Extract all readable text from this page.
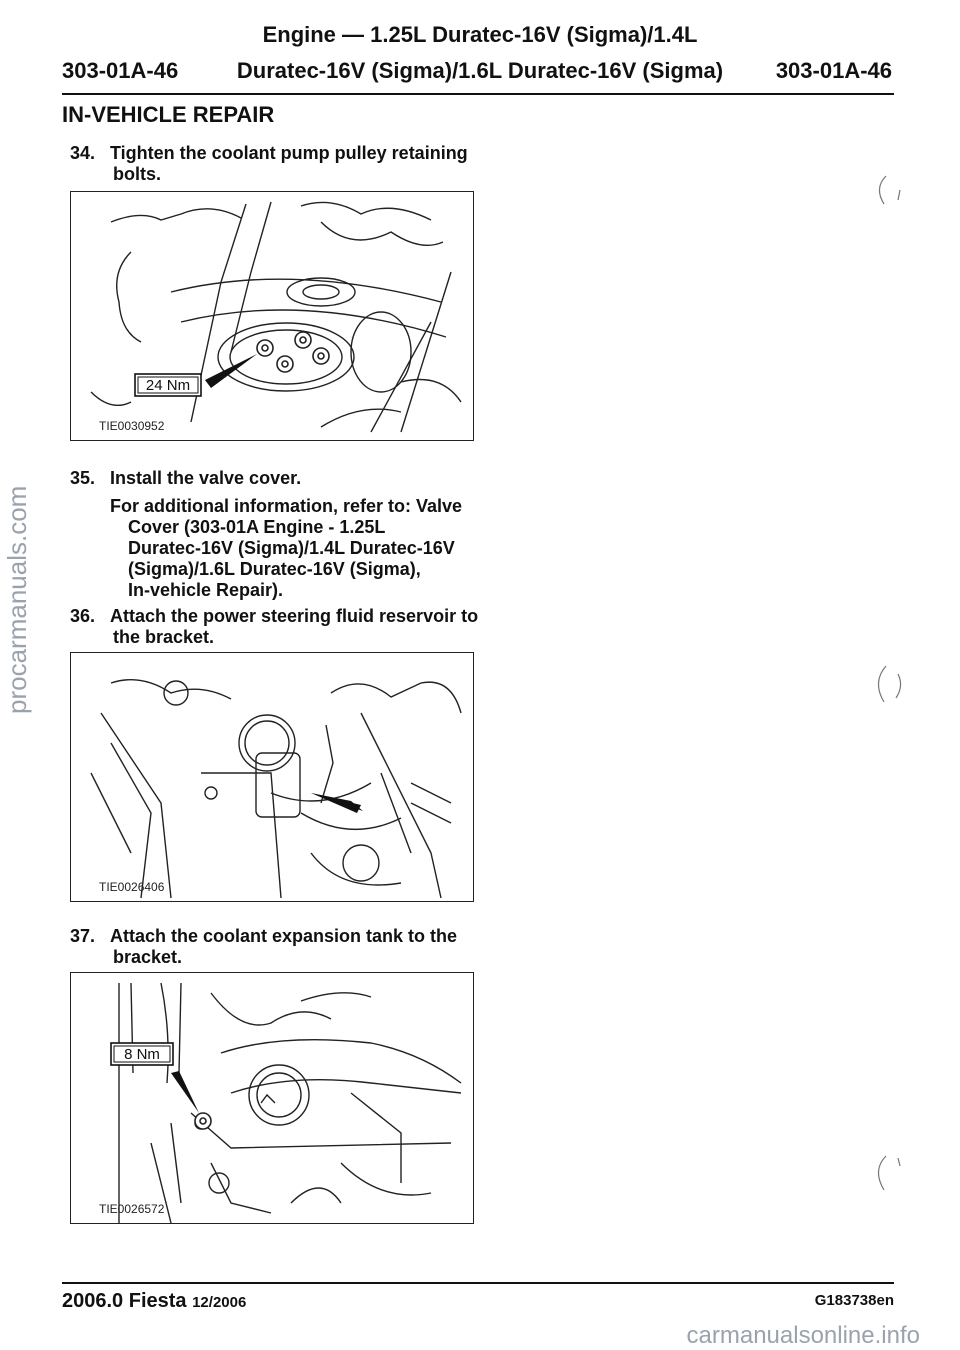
Engine — 1.25L Duratec-16V (Sigma)/1.4L
Duratec-16V (Sigma)/1.6L Duratec-16V (Sigma)
303-01A-46	303-01A-46
IN-VEHICLE REPAIR
34. Tighten the coolant pump pulley retaining
bolts.
24 Nm
TIE0030952
35. Install the valve cover.
For additional information, refer to: Valve
Cover (303-01A Engine - 1.25L
Duratec-16V (Sigma)/1.4L Duratec-16V
(Sigma)/1.6L Duratec-16V (Sigma),
In-vehicle Repair).
36. Attach the power steering fluid reservoir to
the bracket.
TIE0026406
37. Attach the coolant expansion tank to the
bracket.
8 Nm
TIE0026572
procarmanuals.com
2006.0 Fiesta 12/2006	G183738en
carmanualsonline.info
